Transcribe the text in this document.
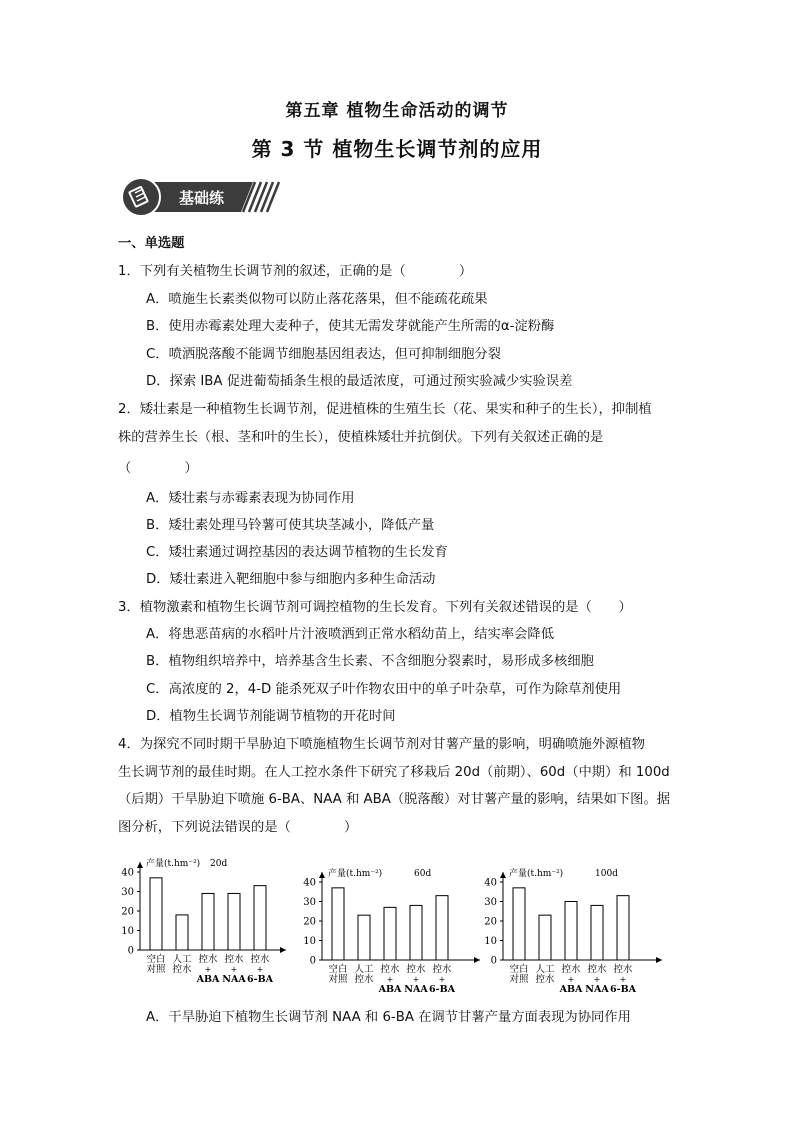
第五章 植物生命活动的调节
第 3 节 植物生长调节剂的应用
基础练
一、单选题
1．下列有关植物生长调节剂的叙述，正确的是（　　　　）
A．喷施生长素类似物可以防止落花落果，但不能疏花疏果
B．使用赤霉素处理大麦种子，使其无需发芽就能产生所需的α-淀粉酶
C．喷洒脱落酸不能调节细胞基因组表达，但可抑制细胞分裂
D．探索 IBA 促进葡萄插条生根的最适浓度，可通过预实验减少实验误差
2．矮壮素是一种植物生长调节剂，促进植株的生殖生长（花、果实和种子的生长），抑制植
株的营养生长（根、茎和叶的生长），使植株矮壮并抗倒伏。下列有关叙述正确的是
（　　　　）
A．矮壮素与赤霉素表现为协同作用
B．矮壮素处理马铃薯可使其块茎减小，降低产量
C．矮壮素通过调控基因的表达调节植物的生长发育
D．矮壮素进入靶细胞中参与细胞内多种生命活动
3．植物激素和植物生长调节剂可调控植物的生长发育。下列有关叙述错误的是（　　）
A．将患恶苗病的水稻叶片汁液喷洒到正常水稻幼苗上，结实率会降低
B．植物组织培养中，培养基含生长素、不含细胞分裂素时，易形成多核细胞
C．高浓度的 2，4-D 能杀死双子叶作物农田中的单子叶杂草，可作为除草剂使用
D．植物生长调节剂能调节植物的开花时间
4．为探究不同时期干旱胁迫下喷施植物生长调节剂对甘薯产量的影响，明确喷施外源植物
生长调节剂的最佳时期。在人工控水条件下研究了移栽后 20d（前期）、60d（中期）和 100d
（后期）干旱胁迫下喷施 6-BA、NAA 和 ABA（脱落酸）对甘薯产量的影响，结果如下图。据
图分析，下列说法错误的是（　　　　）
产量(t.hm⁻²) 20d
0
10
20
30
40
空白
对照
人工
控水
控水
+
ABA
控水
+
NAA
控水
+
6-BA
产量(t.hm⁻²)	60d
0
10
20
30
40
空白
对照
人工
控水
控水
+
ABA
控水
+
NAA
控水
+
6-BA
产量(t.hm⁻²)	100d
0
10
20
30
40
空白
对照
人工
控水
控水
+
ABA
控水
+
NAA
控水
+
6-BA
A．干旱胁迫下植物生长调节剂 NAA 和 6-BA 在调节甘薯产量方面表现为协同作用
